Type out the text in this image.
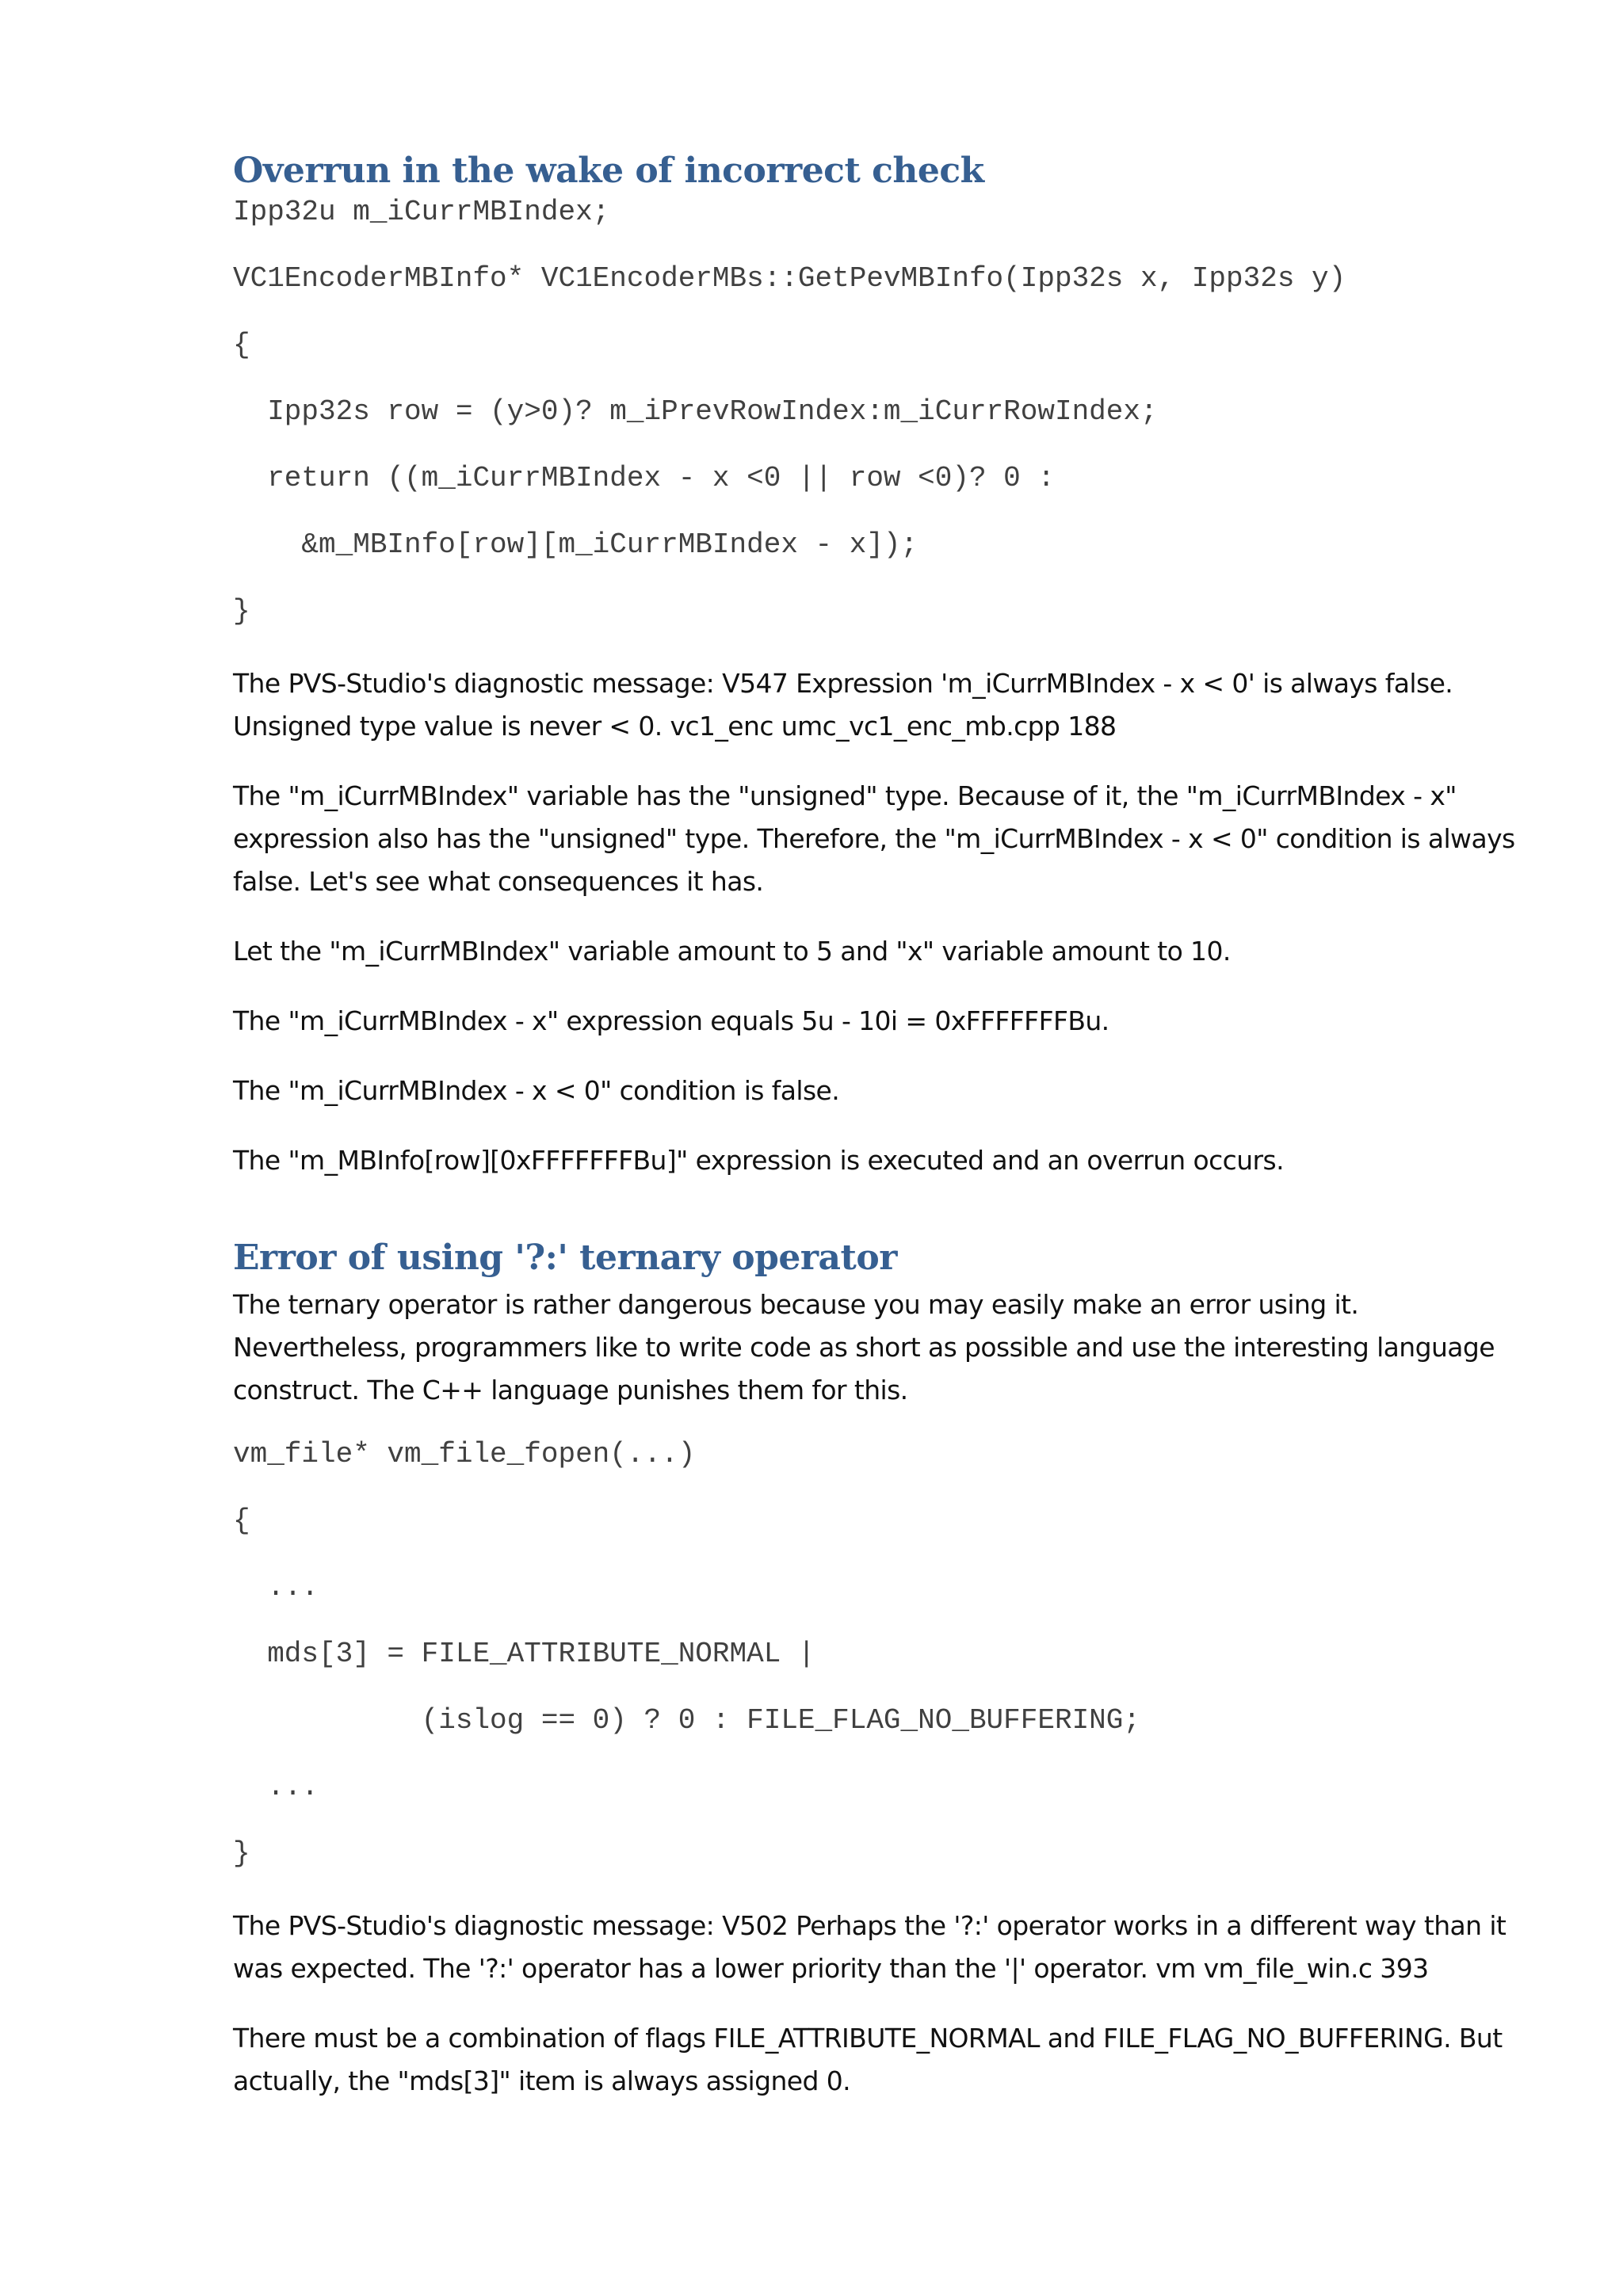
Overrun in the wake of incorrect check
Ipp32u m_iCurrMBIndex;
VC1EncoderMBInfo* VC1EncoderMBs::GetPevMBInfo(Ipp32s x, Ipp32s y)
{
Ipp32s row = (y>0)? m_iPrevRowIndex:m_iCurrRowIndex;
return ((m_iCurrMBIndex - x <0 || row <0)? 0 :
&m_MBInfo[row][m_iCurrMBIndex - x]);
}

The PVS-Studio's diagnostic message: V547 Expression 'm_iCurrMBIndex - x < 0' is always false. Unsigned type value is never < 0. vc1_enc umc_vc1_enc_mb.cpp 188

The "m_iCurrMBIndex" variable has the "unsigned" type. Because of it, the "m_iCurrMBIndex - x" expression also has the "unsigned" type. Therefore, the "m_iCurrMBIndex - x < 0" condition is always false. Let's see what consequences it has.

Let the "m_iCurrMBIndex" variable amount to 5 and "x" variable amount to 10.

The "m_iCurrMBIndex - x" expression equals 5u - 10i = 0xFFFFFFFBu.

The "m_iCurrMBIndex - x < 0" condition is false.

The "m_MBInfo[row][0xFFFFFFFBu]" expression is executed and an overrun occurs.

Error of using '?:' ternary operator

The ternary operator is rather dangerous because you may easily make an error using it. Nevertheless, programmers like to write code as short as possible and use the interesting language construct. The C++ language punishes them for this.

vm_file* vm_file_fopen(...)
{
...
mds[3] = FILE_ATTRIBUTE_NORMAL |
(islog == 0) ? 0 : FILE_FLAG_NO_BUFFERING;
...
}

The PVS-Studio's diagnostic message: V502 Perhaps the '?:' operator works in a different way than it was expected. The '?:' operator has a lower priority than the '|' operator. vm vm_file_win.c 393

There must be a combination of flags FILE_ATTRIBUTE_NORMAL and FILE_FLAG_NO_BUFFERING. But actually, the "mds[3]" item is always assigned 0.
